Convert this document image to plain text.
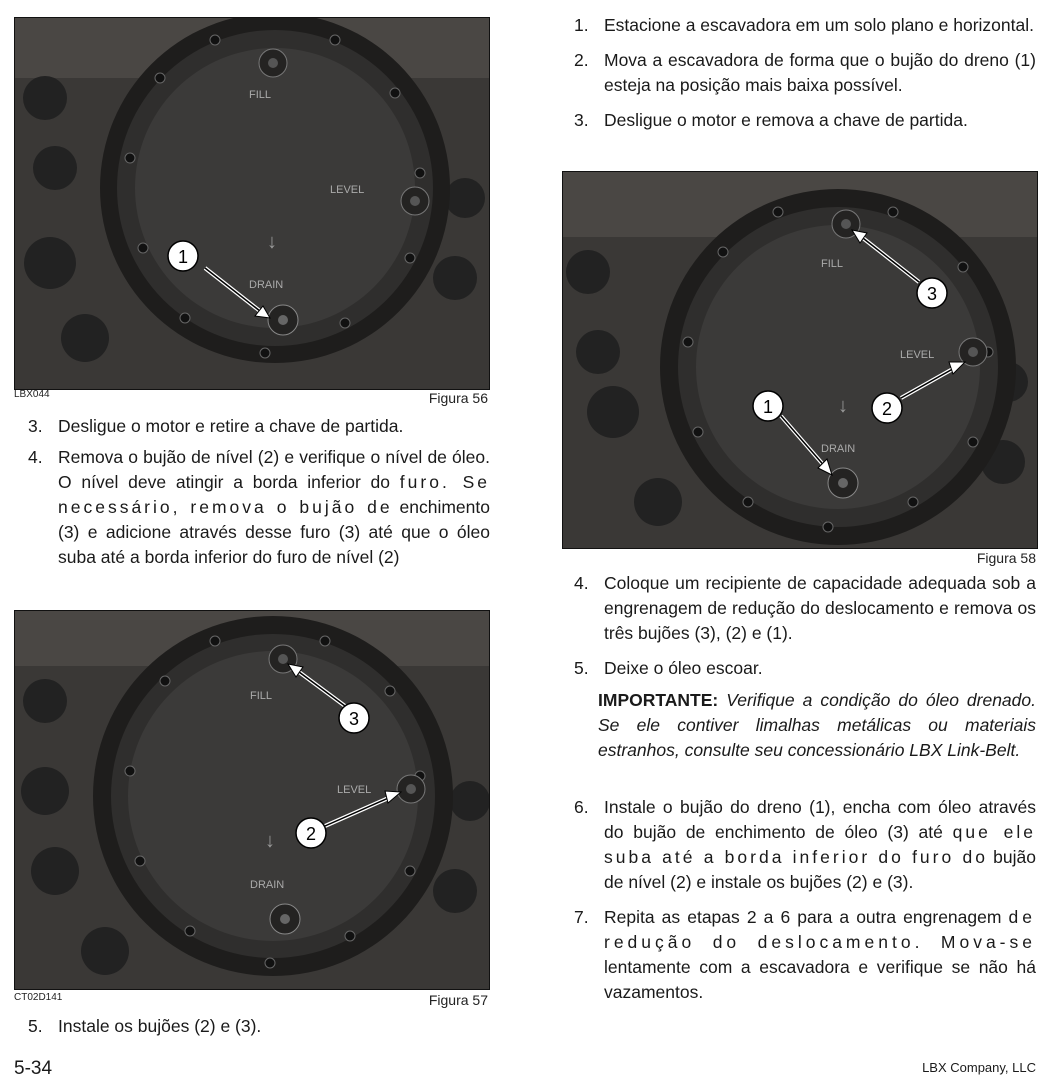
FILL
LEVEL
DRAIN
↓
1
LBX044	Figura 56
3. Desligue o motor e retire a chave de partida.
4. Remova o bujão de nível (2) e verifique o nível de óleo. O nível deve atingir a borda inferior do furo. Se necessário, remova o bujão de enchimento (3) e adicione através desse furo (3) até que o óleo suba até a borda inferior do furo de nível (2)
FILL
LEVEL
DRAIN
↓
3
2
CT02D141	Figura 57
5. Instale os bujões (2) e (3).
1. Estacione a escavadora em um solo plano e horizontal.
2. Mova a escavadora de forma que o bujão do dreno (1) esteja na posição mais baixa possível.
3. Desligue o motor e remova a chave de partida.
FILL
LEVEL
DRAIN
↓
3
2
1
Figura 58
4. Coloque um recipiente de capacidade adequada sob a engrenagem de redução do deslocamento e remova os três bujões (3), (2) e (1).
5. Deixe o óleo escoar.
IMPORTANTE: Verifique a condição do óleo drenado. Se ele contiver limalhas metálicas ou materiais estranhos, consulte seu concessionário LBX Link-Belt.
6. Instale o bujão do dreno (1), encha com óleo através do bujão de enchimento de óleo (3) até que ele suba até a borda inferior do furo do bujão de nível (2) e instale os bujões (2) e (3).
7. Repita as etapas 2 a 6 para a outra engrenagem de redução do deslocamento. Mova-se lentamente com a escavadora e verifique se não há vazamentos.
5-34	LBX Company, LLC
